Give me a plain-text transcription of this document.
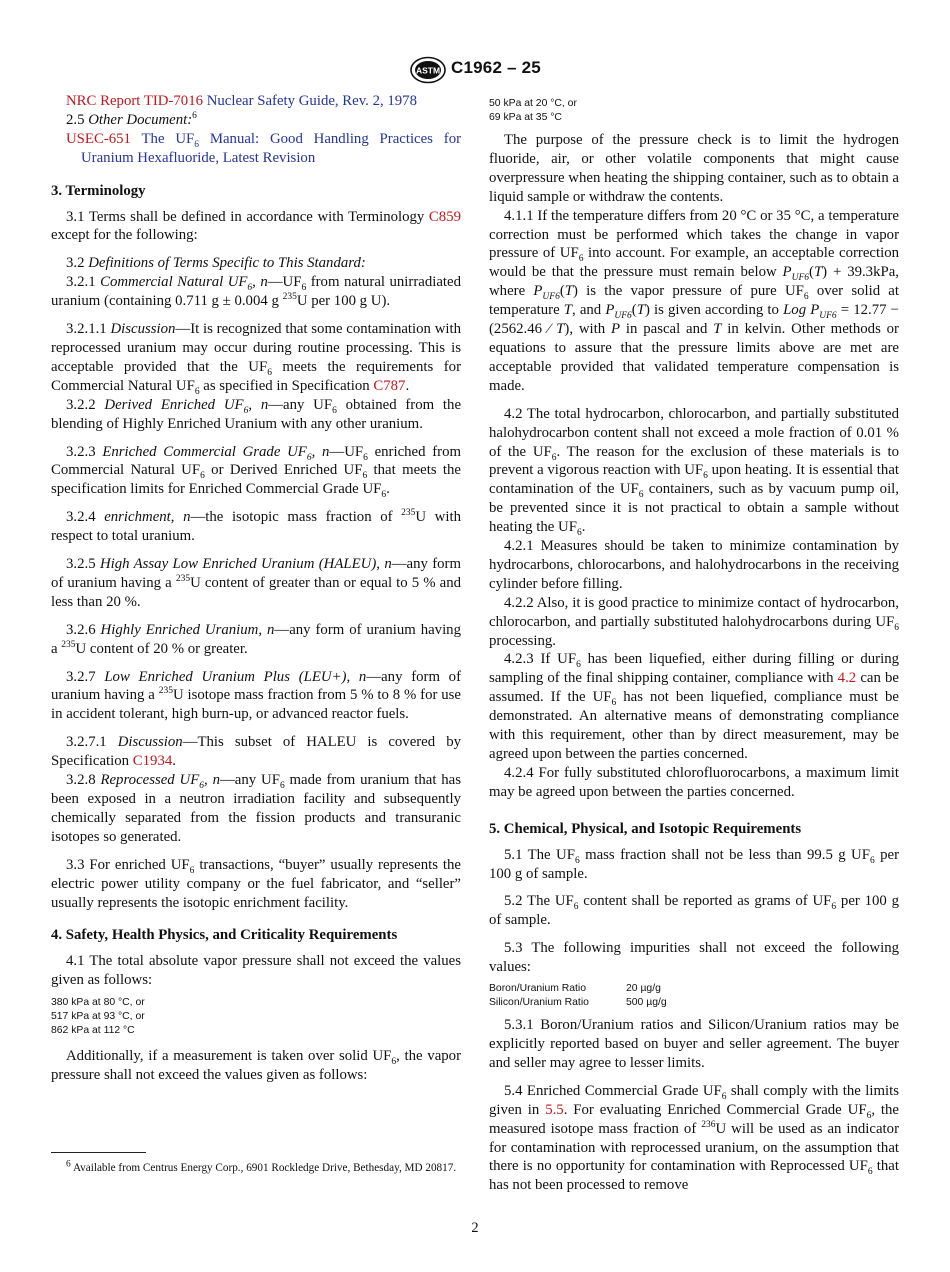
ASTM C1962 – 25

NRC Report TID-7016 Nuclear Safety Guide, Rev. 2, 1978

2.5 Other Document:$^6$

USEC-651 The $UF_6$ Manual: Good Handling Practices for Uranium Hexafluoride, Latest Revision

3. Terminology

3.1 Terms shall be defined in accordance with Terminology C859 except for the following:

3.2 Definitions of Terms Specific to This Standard:

3.2.1 Commercial Natural $UF_6$, $n—UF_6$ from natural unirradiated uranium (containing 0.711 g ± 0.004 g $^{235}$U per 100 g U).

3.2.1.1 Discussion—It is recognized that some contamination with reprocessed uranium may occur during routine processing. This is acceptable provided that the $UF_6$ meets the requirements for Commercial Natural $UF_6$ as specified in Specification C787.

3.2.2 Derived Enriched $UF_6$, n—any $UF_6$ obtained from the blending of Highly Enriched Uranium with any other uranium.

3.2.3 Enriched Commercial Grade $UF_6$, $n—UF_6$ enriched from Commercial Natural $UF_6$ or Derived Enriched $UF_6$ that meets the specification limits for Enriched Commercial Grade $UF_6$.

3.2.4 enrichment, n—the isotopic mass fraction of $^{235}$U with respect to total uranium.

3.2.5 High Assay Low Enriched Uranium (HALEU), n—any form of uranium having a $^{235}$U content of greater than or equal to 5 % and less than 20 %.

3.2.6 Highly Enriched Uranium, n—any form of uranium having a $^{235}$U content of 20 % or greater.

3.2.7 Low Enriched Uranium Plus (LEU+), n—any form of uranium having a $^{235}$U isotope mass fraction from 5 % to 8 % for use in accident tolerant, high burn-up, or advanced reactor fuels.

3.2.7.1 Discussion—This subset of HALEU is covered by Specification C1934.

3.2.8 Reprocessed $UF_6$, n—any $UF_6$ made from uranium that has been exposed in a neutron irradiation facility and subsequently chemically separated from the fission products and transuranic isotopes so generated.

3.3 For enriched $UF_6$ transactions, “buyer” usually represents the electric power utility company or the fuel fabricator, and “seller” usually represents the isotopic enrichment facility.

4. Safety, Health Physics, and Criticality Requirements

4.1 The total absolute vapor pressure shall not exceed the values given as follows:

380 kPa at 80 °C, or
517 kPa at 93 °C, or
862 kPa at 112 °C

Additionally, if a measurement is taken over solid $UF_6$, the vapor pressure shall not exceed the values given as follows:

$^6$ Available from Centrus Energy Corp., 6901 Rockledge Drive, Bethesday, MD 20817.
50 kPa at 20 °C, or
69 kPa at 35 °C

The purpose of the pressure check is to limit the hydrogen fluoride, air, or other volatile components that might cause overpressure when heating the shipping container, such as to obtain a liquid sample or withdraw the contents.

4.1.1 If the temperature differs from 20 °C or 35 °C, a temperature correction must be performed which takes the change in vapor pressure of $UF_6$ into account. For example, an acceptable correction would be that the pressure must remain below $P_{UF6}(T) + 39.3kPa$, where $P_{UF6}(T)$ is the vapor pressure of pure $UF_6$ over solid at temperature T, and $P_{UF6}(T)$ is given according to Log $P_{UF6} = 12.77 - (2562.46$ ⁄ T), with P in pascal and T in kelvin. Other methods or equations to assure that the pressure limits above are met are acceptable provided that validated temperature compensation is made.

4.2 The total hydrocarbon, chlorocarbon, and partially substituted halohydrocarbon content shall not exceed a mole fraction of 0.01 % of the $UF_6$. The reason for the exclusion of these materials is to prevent a vigorous reaction with $UF_6$ upon heating. It is essential that contamination of the $UF_6$ containers, such as by vacuum pump oil, be prevented since it is not practical to obtain a sample without heating the $UF_6$.

4.2.1 Measures should be taken to minimize contamination by hydrocarbons, chlorocarbons, and halohydrocarbons in the receiving cylinder before filling.

4.2.2 Also, it is good practice to minimize contact of hydrocarbon, chlorocarbon, and partially substituted halohydrocarbons during $UF_6$ processing.

4.2.3 If $UF_6$ has been liquefied, either during filling or during sampling of the final shipping container, compliance with 4.2 can be assumed. If the $UF_6$ has not been liquefied, compliance must be demonstrated. An alternative means of demonstrating compliance with this requirement, other than by direct measurement, may be agreed upon between the parties concerned.

4.2.4 For fully substituted chlorofluorocarbons, a maximum limit may be agreed upon between the parties concerned.

5. Chemical, Physical, and Isotopic Requirements

5.1 The $UF_6$ mass fraction shall not be less than 99.5 g $UF_6$ per 100 g of sample.

5.2 The $UF_6$ content shall be reported as grams of $UF_6$ per 100 g of sample.

5.3 The following impurities shall not exceed the following values:

Boron/Uranium Ratio	20 µg/g
Silicon/Uranium Ratio	500 µg/g

5.3.1 Boron/Uranium ratios and Silicon/Uranium ratios may be explicitly reported based on buyer and seller agreement. The buyer and seller may agree to lesser limits.

5.4 Enriched Commercial Grade $UF_6$ shall comply with the limits given in 5.5. For evaluating Enriched Commercial Grade $UF_6$, the measured isotope mass fraction of $^{236}$U will be used as an indicator for contamination with reprocessed uranium, on the assumption that there is no opportunity for contamination with Reprocessed $UF_6$ that has not been processed to remove

2
